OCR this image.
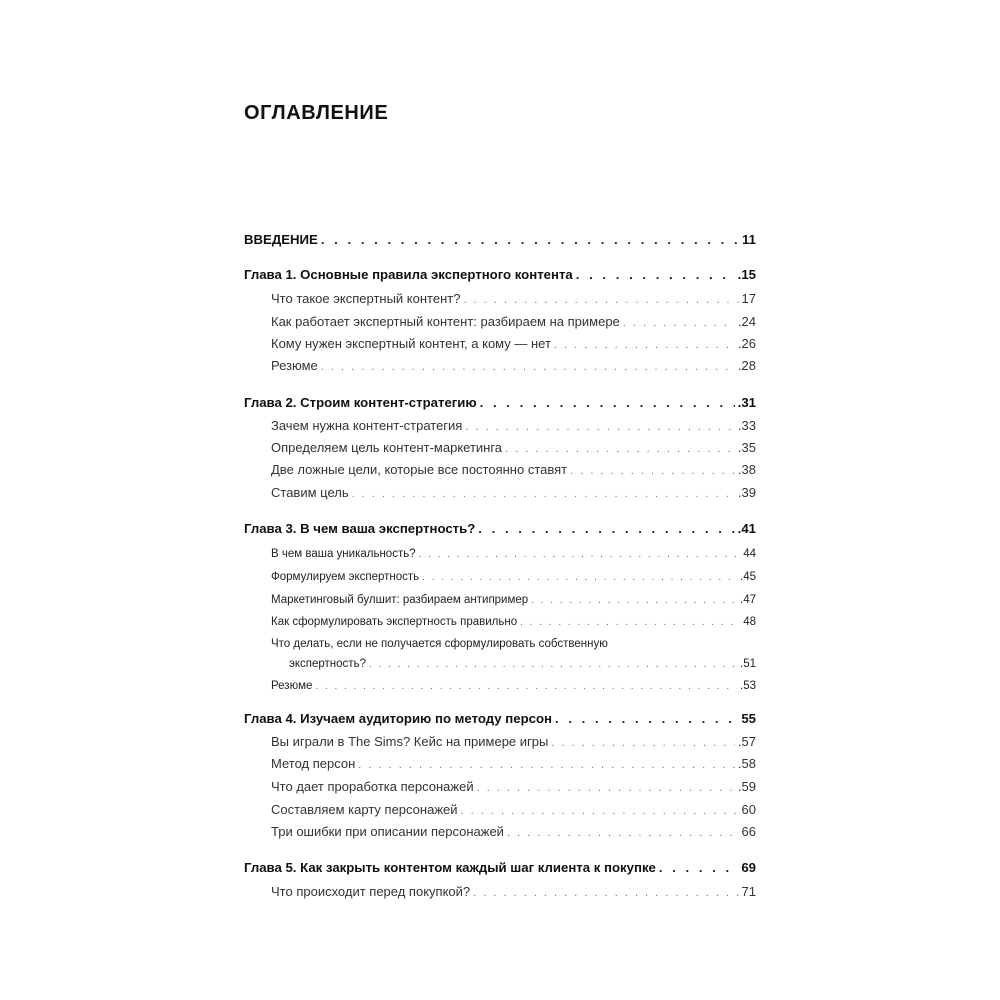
ОГЛАВЛЕНИЕ
ВВЕДЕНИЕ . . .	11
Глава 1. Основные правила экспертного контента . . .	.15
Что такое экспертный контент? . . .	17
Как работает экспертный контент: разбираем на примере . . .	.24
Кому нужен экспертный контент, а кому — нет . . .	.26
Резюме . . .	.28
Глава 2. Строим контент-стратегию . . .	.31
Зачем нужна контент-стратегия . . .	.33
Определяем цель контент-маркетинга . . .	.35
Две ложные цели, которые все постоянно ставят . . .	.38
Ставим цель . . .	.39
Глава 3. В чем ваша экспертность? . . .	.41
В чем ваша уникальность? . . .	44
Формулируем экспертность . . .	.45
Маркетинговый булшит: разбираем антипример . . .	.47
Как сформулировать экспертность правильно . . .	48
Что делать, если не получается сформулировать собственную
экспертность? . . .	.51
Резюме . . .	.53
Глава 4. Изучаем аудиторию по методу персон . . .	55
Вы играли в The Sims? Кейс на примере игры . . .	.57
Метод персон . . .	.58
Что дает проработка персонажей . . .	.59
Составляем карту персонажей . . .	60
Три ошибки при описании персонажей . . .	66
Глава 5. Как закрыть контентом каждый шаг клиента к покупке . . .	69
Что происходит перед покупкой? . . .	71
